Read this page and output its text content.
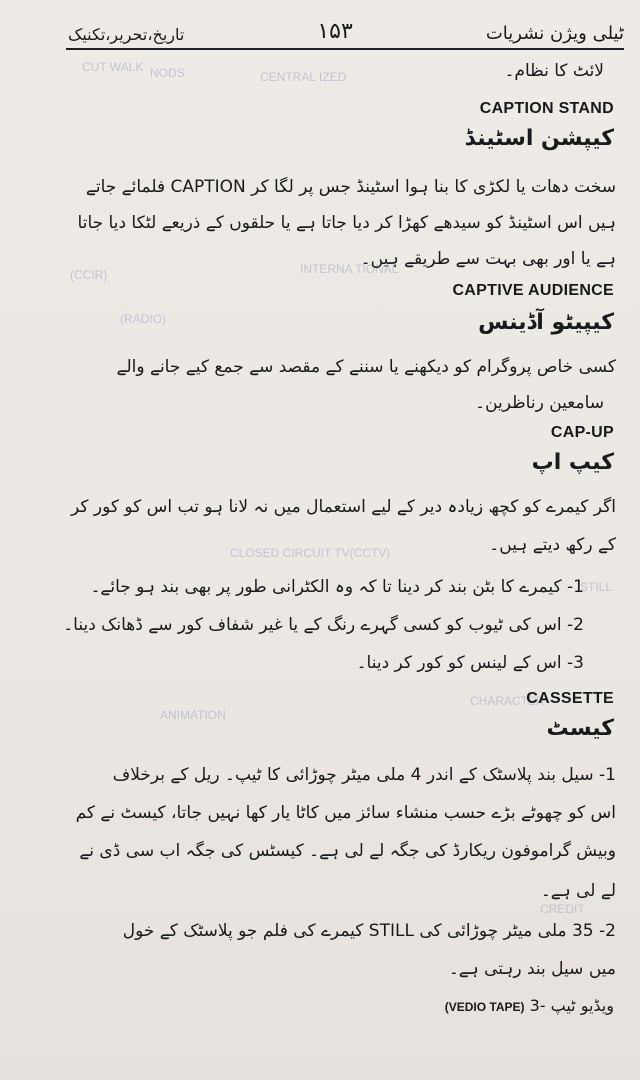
CUT WALK NODS	CENTRAL IZED
(CCIR)	INTERNA TIONAL
(RADIO)
CLOSED CIRCUIT TV(CCTV)
STILL
ANIMATION
CHARACTER
CREDIT
تاریخ،تحریر،تکنیک	۱۵۳	ٹیلی ویژن نشریات
لائٹ کا نظام۔
CAPTION STAND
کیپشن اسٹینڈ
سخت دھات یا لکڑی کا بنا ہوا اسٹینڈ جس پر لگا کر CAPTION فلمائے جاتے
ہیں اس اسٹینڈ کو سیدھے کھڑا کر دیا جاتا ہے یا حلقوں کے ذریعے لٹکا دیا جاتا
ہے یا اور بھی بہت سے طریقے ہیں۔
CAPTIVE AUDIENCE
کیپیٹو آڈینس
کسی خاص پروگرام کو دیکھنے یا سننے کے مقصد سے جمع کیے جانے والے
سامعین رناظرین۔
CAP-UP
کیپ اپ
اگر کیمرے کو کچھ زیادہ دیر کے لیے استعمال میں نہ لانا ہو تب اس کو کور کر
کے رکھ دیتے ہیں۔
1- کیمرے کا بٹن بند کر دینا تا کہ وہ الکٹرانی طور پر بھی بند ہو جائے۔
2- اس کی ٹیوب کو کسی گہرے رنگ کے یا غیر شفاف کور سے ڈھانک دینا۔
3- اس کے لینس کو کور کر دینا۔
CASSETTE
کیسٹ
1- سیل بند پلاسٹک کے اندر 4 ملی میٹر چوڑائی کا ٹیپ۔ ریل کے برخلاف
اس کو چھوٹے بڑے حسب منشاء سائز میں کاٹا یار کھا نہیں جاتا، کیسٹ نے کم
وبیش گراموفون ریکارڈ کی جگہ لے لی ہے۔ کیسٹس کی جگہ اب سی ڈی نے
لے لی ہے۔
2- 35 ملی میٹر چوڑائی کی STILL کیمرے کی فلم جو پلاسٹک کے خول
میں سیل بند رہتی ہے۔
(VEDIO TAPE) 3- ویڈیو ٹیپ
